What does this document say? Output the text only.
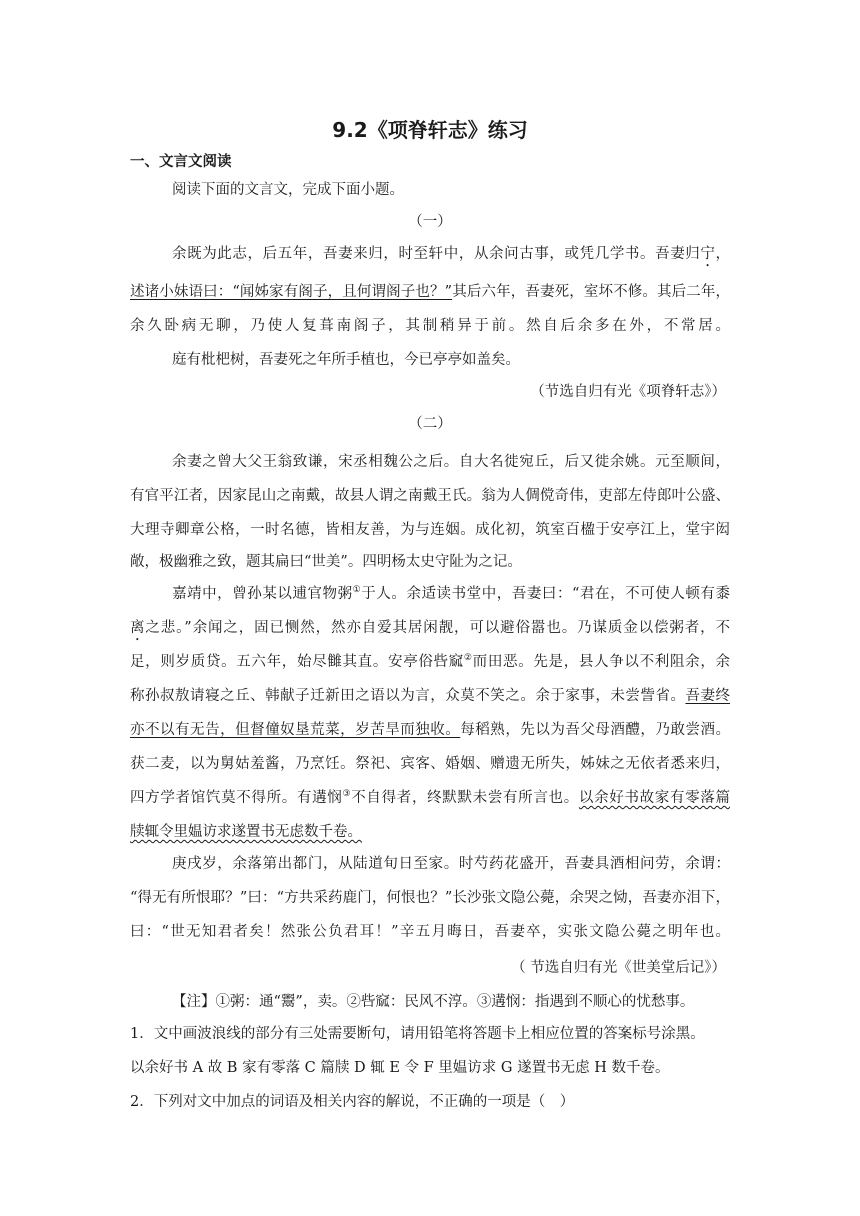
9.2《项脊轩志》练习
一、文言文阅读
阅读下面的文言文，完成下面小题。
（一）
余既为此志，后五年，吾妻来归，时至轩中，从余问古事，或凭几学书。吾妻归宁，
述诸小妹语曰：“闻姊家有阁子，且何谓阁子也？”其后六年，吾妻死，室坏不修。其后二年，
余久卧病无聊，乃使人复葺南阁子，其制稍异于前。然自后余多在外，不常居。
庭有枇杷树，吾妻死之年所手植也，今已亭亭如盖矣。
（节选自归有光《项脊轩志》）
（二）
余妻之曾大父王翁致谦，宋丞相魏公之后。自大名徙宛丘，后又徙余姚。元至顺间，
有官平江者，因家昆山之南戴，故县人谓之南戴王氏。翁为人倜傥奇伟，吏部左侍郎叶公盛、
大理寺卿章公格，一时名德，皆相友善，为与连姻。成化初，筑室百楹于安亭江上，堂宇闳
敞，极幽雅之致，题其扁曰“世美”。四明杨太史守阯为之记。
嘉靖中，曾孙某以逋官物粥①于人。余适读书堂中，吾妻曰：“君在，不可使人顿有黍
离之悲。”余闻之，固已恻然，然亦自爱其居闲靓，可以避俗嚣也。乃谋质金以偿粥者，不
足，则岁质贷。五六年，始尽雠其直。安亭俗呰窳②而田恶。先是，县人争以不利阻余，余
称孙叔敖请寝之丘、韩献子迁新田之语以为言，众莫不笑之。余于家事，未尝訾省。吾妻终
亦不以有无告，但督僮奴垦荒菜，岁苦旱而独收。每稻熟，先以为吾父母酒醴，乃敢尝酒。
获二麦，以为舅姑羞酱，乃烹饪。祭祀、宾客、婚姻、赠遗无所失，姊妹之无依者悉来归，
四方学者馆饩莫不得所。有遘悯③不自得者，终默默未尝有所言也。以余好书故家有零落篇
牍辄令里媪访求遂置书无虑数千卷。
庚戌岁，余落第出都门，从陆道旬日至家。时芍药花盛开，吾妻具酒相问劳，余谓：
“得无有所恨耶？”曰：“方共采药鹿门，何恨也？”长沙张文隐公薨，余哭之恸，吾妻亦泪下，
曰：“世无知君者矣！然张公负君耳！”辛五月晦日，吾妻卒，实张文隐公薨之明年也。
（ 节选自归有光《世美堂后记》）
【注】①粥：通“鬻”，卖。②呰窳：民风不淳。③遘悯：指遇到不顺心的忧愁事。
1．文中画波浪线的部分有三处需要断句，请用铅笔将答题卡上相应位置的答案标号涂黑。
以余好书 A 故 B 家有零落 C 篇牍 D 辄 E 令 F 里媪访求 G 遂置书无虑 H 数千卷。
2．下列对文中加点的词语及相关内容的解说，不正确的一项是（　）
